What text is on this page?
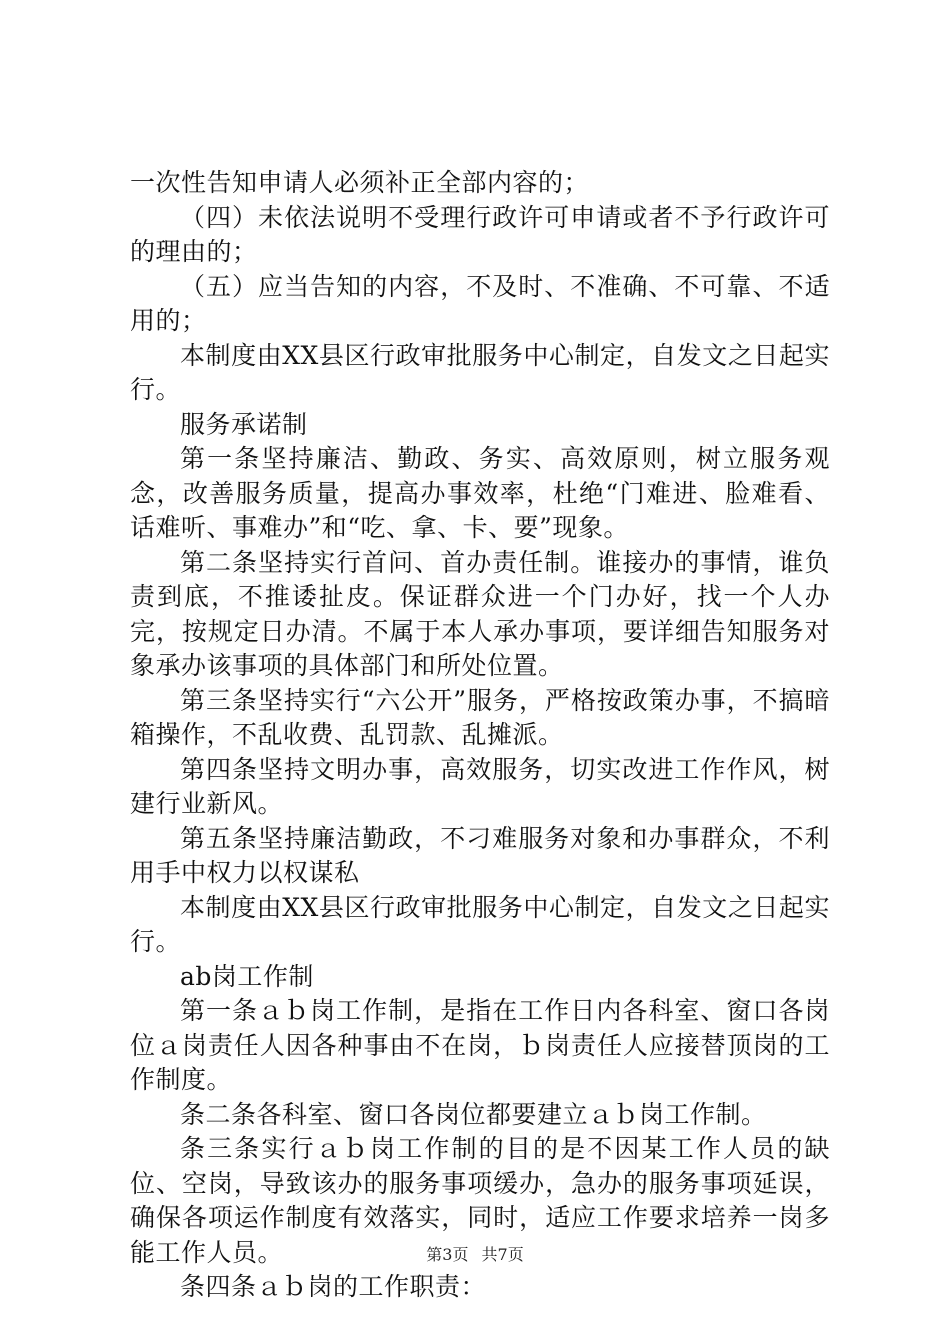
一次性告知申请人必须补正全部内容的；

（四）未依法说明不受理行政许可申请或者不予行政许可的理由的；

（五）应当告知的内容，不及时、不准确、不可靠、不适用的；

本制度由XX县区行政审批服务中心制定，自发文之日起实行。

服务承诺制

第一条坚持廉洁、勤政、务实、高效原则，树立服务观念，改善服务质量，提高办事效率，杜绝“门难进、脸难看、话难听、事难办”和“吃、拿、卡、要”现象。

第二条坚持实行首问、首办责任制。谁接办的事情，谁负责到底，不推诿扯皮。保证群众进一个门办好，找一个人办完，按规定日办清。不属于本人承办事项，要详细告知服务对象承办该事项的具体部门和所处位置。

第三条坚持实行“六公开”服务，严格按政策办事，不搞暗箱操作，不乱收费、乱罚款、乱摊派。

第四条坚持文明办事，高效服务，切实改进工作作风，树建行业新风。

第五条坚持廉洁勤政，不刁难服务对象和办事群众，不利用手中权力以权谋私

本制度由XX县区行政审批服务中心制定，自发文之日起实行。

ab岗工作制

第一条ａｂ岗工作制，是指在工作日内各科室、窗口各岗位ａ岗责任人因各种事由不在岗，ｂ岗责任人应接替顶岗的工作制度。

条二条各科室、窗口各岗位都要建立ａｂ岗工作制。

条三条实行ａｂ岗工作制的目的是不因某工作人员的缺位、空岗，导致该办的服务事项缓办，急办的服务事项延误，确保各项运作制度有效落实，同时，适应工作要求培养一岗多能工作人员。

条四条ａｂ岗的工作职责：

第3页 共7页
